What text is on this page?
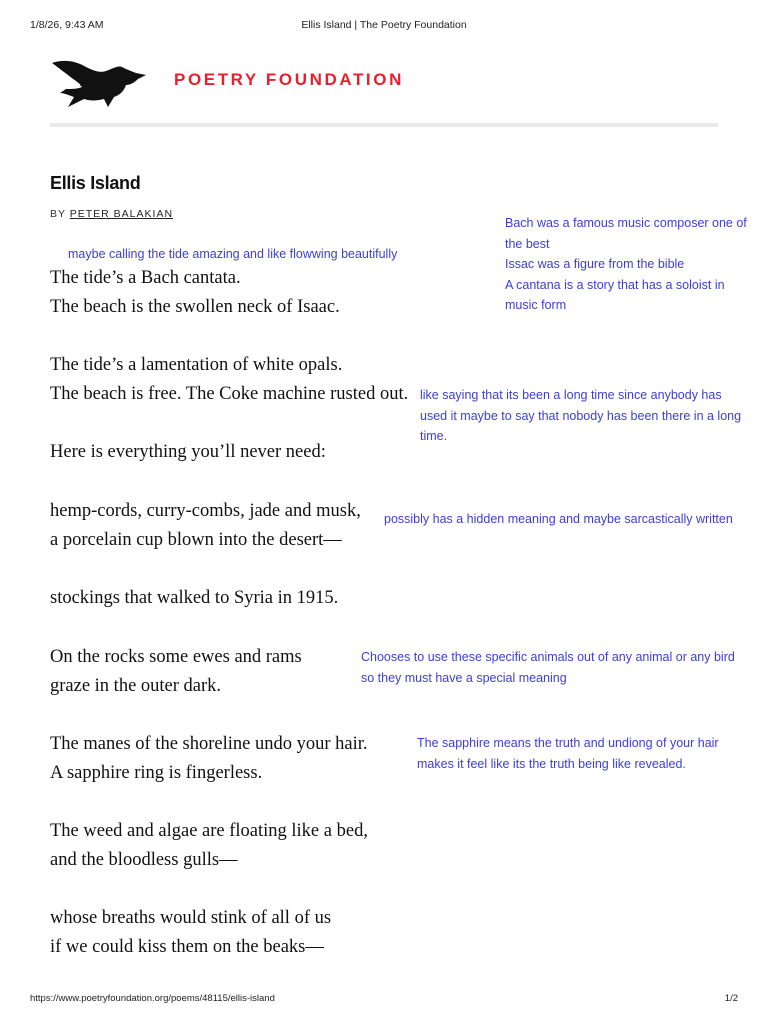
1/8/26, 9:43 AM	Ellis Island | The Poetry Foundation
POETRY FOUNDATION
Ellis Island
BY PETER BALAKIAN
The tide’s a Bach cantata.
The beach is the swollen neck of Isaac.
The tide’s a lamentation of white opals.
The beach is free. The Coke machine rusted out.
Here is everything you’ll never need:
hemp-cords, curry-combs, jade and musk,
a porcelain cup blown into the desert—
stockings that walked to Syria in 1915.
On the rocks some ewes and rams
graze in the outer dark.
The manes of the shoreline undo your hair.
A sapphire ring is fingerless.
The weed and algae are floating like a bed,
and the bloodless gulls—
whose breaths would stink of all of us
if we could kiss them on the beaks—
Bach was a famous music composer one of
the best
Issac was a figure from the bible
A cantana is a story that has a soloist in
music form
maybe calling the tide amazing and like flowwing beautifully
like saying that its been a long time since anybody has
used it maybe to say that nobody has been there in a long
time.
possibly has a hidden meaning and maybe sarcastically written
Chooses to use these specific animals out of any animal or any bird
so they must have a special meaning
The sapphire means the truth and undiong of your hair
makes it feel like its the truth being like revealed.
https://www.poetryfoundation.org/poems/48115/ellis-island	1/2
